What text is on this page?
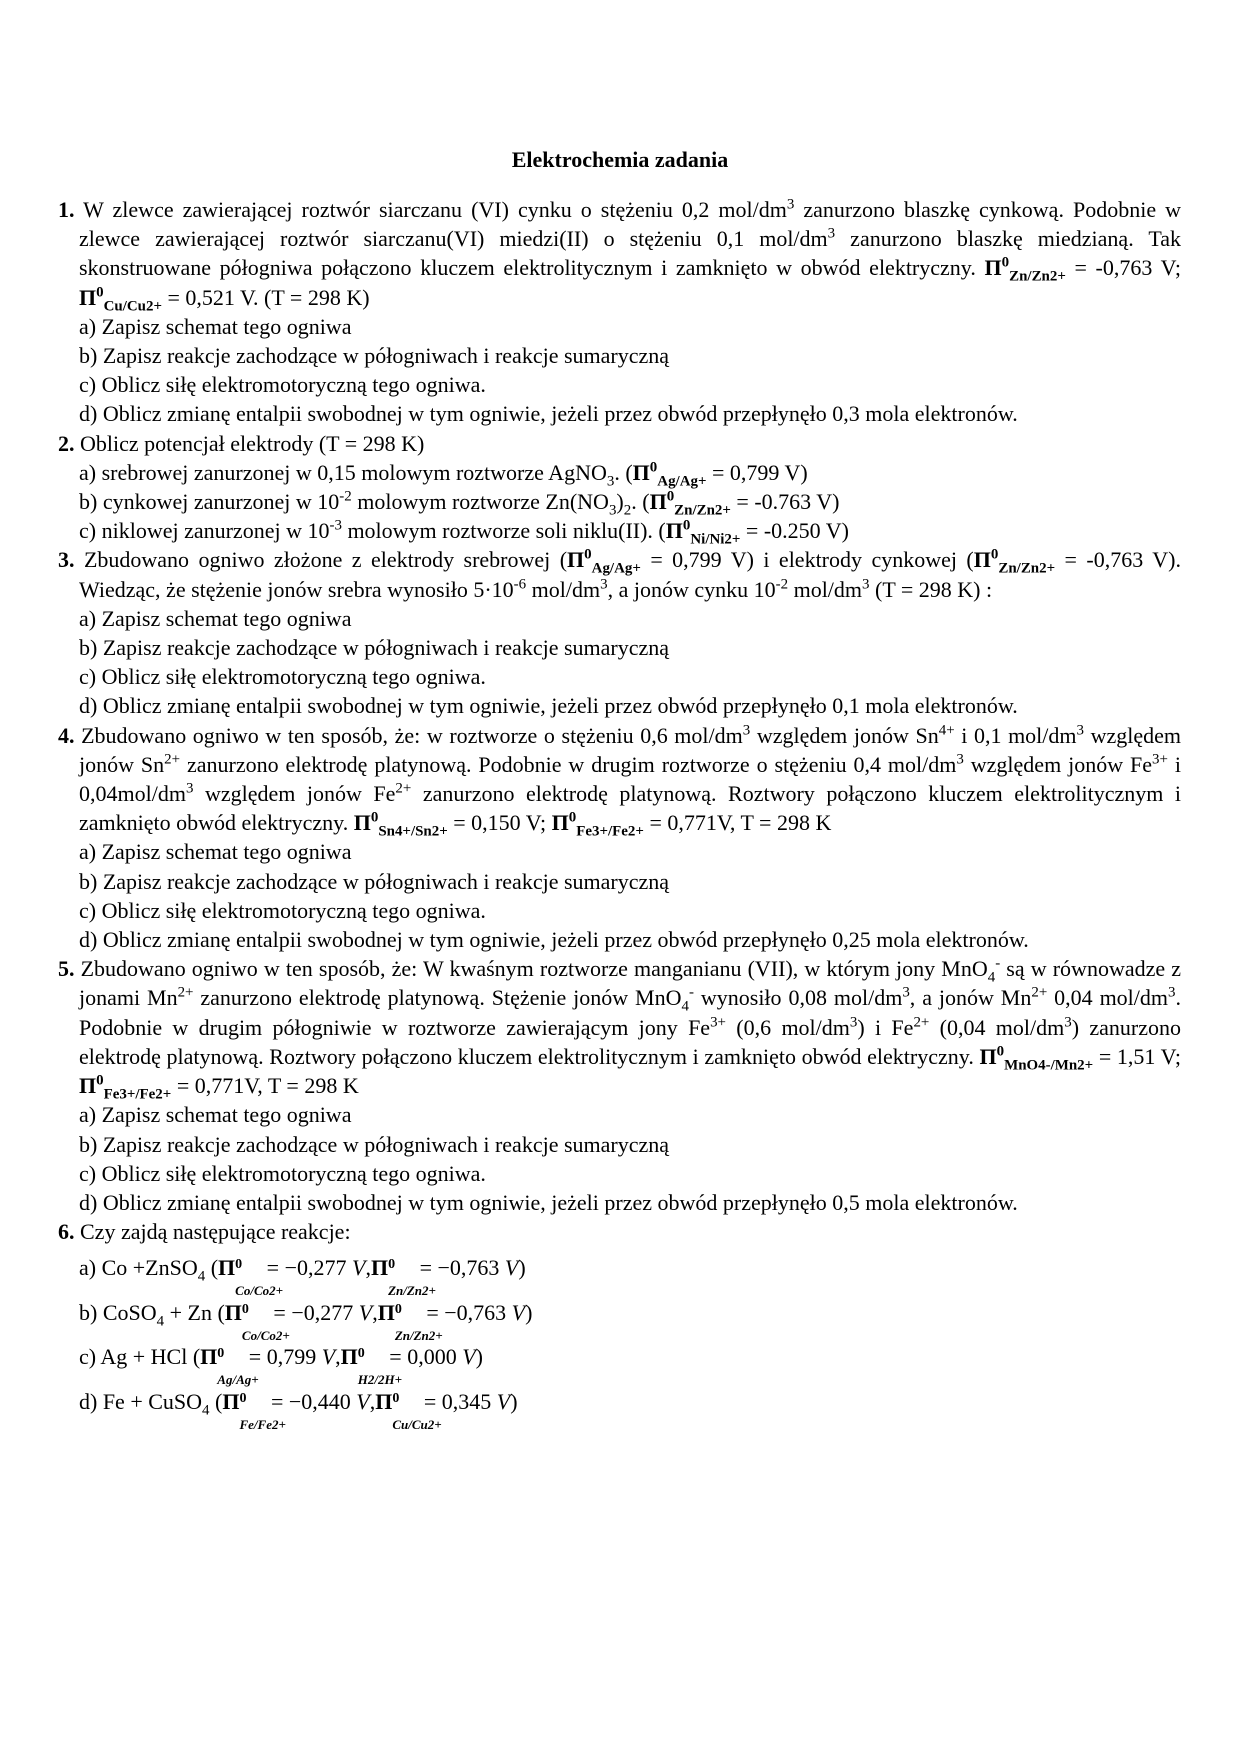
Elektrochemia zadania

1. W zlewce zawierającej roztwór siarczanu (VI) cynku o stężeniu 0,2 mol/$dm^3$ zanurzono blaszkę cynkową. Podobnie w zlewce zawierającej roztwór siarczanu(VI) miedzi(II) o stężeniu 0,1 mol/$dm^3$ zanurzono blaszkę miedzianą. Tak skonstruowane półogniwa połączono kluczem elektrolitycznym i zamknięto w obwód elektryczny. $\Pi^0_{Zn/Zn2+} = -0,763$ V; $\Pi^0_{Cu/Cu2+} = 0,521$ V. (T = 298 K)

a) Zapisz schemat tego ogniwa

b) Zapisz reakcje zachodzące w półogniwach i reakcje sumaryczną

c) Oblicz siłę elektromotoryczną tego ogniwa.

d) Oblicz zmianę entalpii swobodnej w tym ogniwie, jeżeli przez obwód przepłynęło 0,3 mola elektronów.

2. Oblicz potencjał elektrody (T = 298 K)

a) srebrowej zanurzonej w 0,15 molowym roztworze AgNO$_3$. ($\Pi^0_{Ag/Ag+} = 0,799$ V)

b) cynkowej zanurzonej w $10^{-2}$ molowym roztworze $Zn(NO_3)_2$. ($\Pi^0_{Zn/Zn2+} = -0.763$ V)

c) niklowej zanurzonej w $10^{-3}$ molowym roztworze soli niklu(II). ($\Pi^0_{Ni/Ni2+} = -0.250$ V)

3. Zbudowano ogniwo złożone z elektrody srebrowej ($\Pi^0_{Ag/Ag+} = 0,799$ V) i elektrody cynkowej ($\Pi^0_{Zn/Zn2+} = -0,763$ V). Wiedząc, że stężenie jonów srebra wynosiło $5\cdot 10^{-6}$ mol/$dm^3$, a jonów cynku $10^{-2}$ mol/$dm^3$ (T = 298 K) :

a) Zapisz schemat tego ogniwa

b) Zapisz reakcje zachodzące w półogniwach i reakcje sumaryczną

c) Oblicz siłę elektromotoryczną tego ogniwa.

d) Oblicz zmianę entalpii swobodnej w tym ogniwie, jeżeli przez obwód przepłynęło 0,1 mola elektronów.

4. Zbudowano ogniwo w ten sposób, że: w roztworze o stężeniu 0,6 mol/$dm^3$ względem jonów $Sn^{4+}$ i 0,1 mol/$dm^3$ względem jonów $Sn^{2+}$ zanurzono elektrodę platynową. Podobnie w drugim roztworze o stężeniu 0,4 mol/$dm^3$ względem jonów $Fe^{3+}$ i $0,04mol/dm^3$ względem jonów $Fe^{2+}$ zanurzono elektrodę platynową. Roztwory połączono kluczem elektrolitycznym i zamknięto obwód elektryczny. $\Pi^0_{Sn4+/Sn2+} = 0,150$ V; $\Pi^0_{Fe3+/Fe2+} = 0,771V$, T = 298 K

a) Zapisz schemat tego ogniwa

b) Zapisz reakcje zachodzące w półogniwach i reakcje sumaryczną

c) Oblicz siłę elektromotoryczną tego ogniwa.

d) Oblicz zmianę entalpii swobodnej w tym ogniwie, jeżeli przez obwód przepłynęło 0,25 mola elektronów.

5. Zbudowano ogniwo w ten sposób, że: W kwaśnym roztworze manganianu (VII), w którym jony MnO$_4$- są w równowadze z jonami $Mn^{2+}$ zanurzono elektrodę platynową. Stężenie jonów MnO$_4$- wynosiło 0,08 mol/$dm^3$, a jonów $Mn^{2+}$ 0,04 mol/$dm^3$. Podobnie w drugim półogniwie w roztworze zawierającym jony $Fe^{3+}$ (0,6 mol/$dm^3$) i $Fe^{2+}$ (0,04 mol/$dm^3$) zanurzono elektrodę platynową. Roztwory połączono kluczem elektrolitycznym i zamknięto obwód elektryczny. $\Pi^0_{MnO4-/Mn2+} = 1,51$ V; $\Pi^0_{Fe3+/Fe2+} = 0,771V$, T = 298 K

a) Zapisz schemat tego ogniwa

b) Zapisz reakcje zachodzące w półogniwach i reakcje sumaryczną

c) Oblicz siłę elektromotoryczną tego ogniwa.

d) Oblicz zmianę entalpii swobodnej w tym ogniwie, jeżeli przez obwód przepłynęło 0,5 mola elektronów.

6. Czy zajdą następujące reakcje:

a) Co +ZnSO$_4$ (Π 0
Co/Co2+
= −0,277 V,Π 0
Zn/Zn2+
= −0,763 V)

b) CoSO$_4$ + Zn (Π 0
Co/Co2+
= −0,277 V,Π 0
Zn/Zn2+
= −0,763 V)

c) Ag + HCl (Π 0
Ag/Ag+
= 0,799 V,Π 0
H2/2H+
= 0,000 V)

d) Fe + CuSO$_4$ (Π 0
Fe/Fe2+
= −0,440 V,Π 0
Cu/Cu2+
= 0,345 V)
